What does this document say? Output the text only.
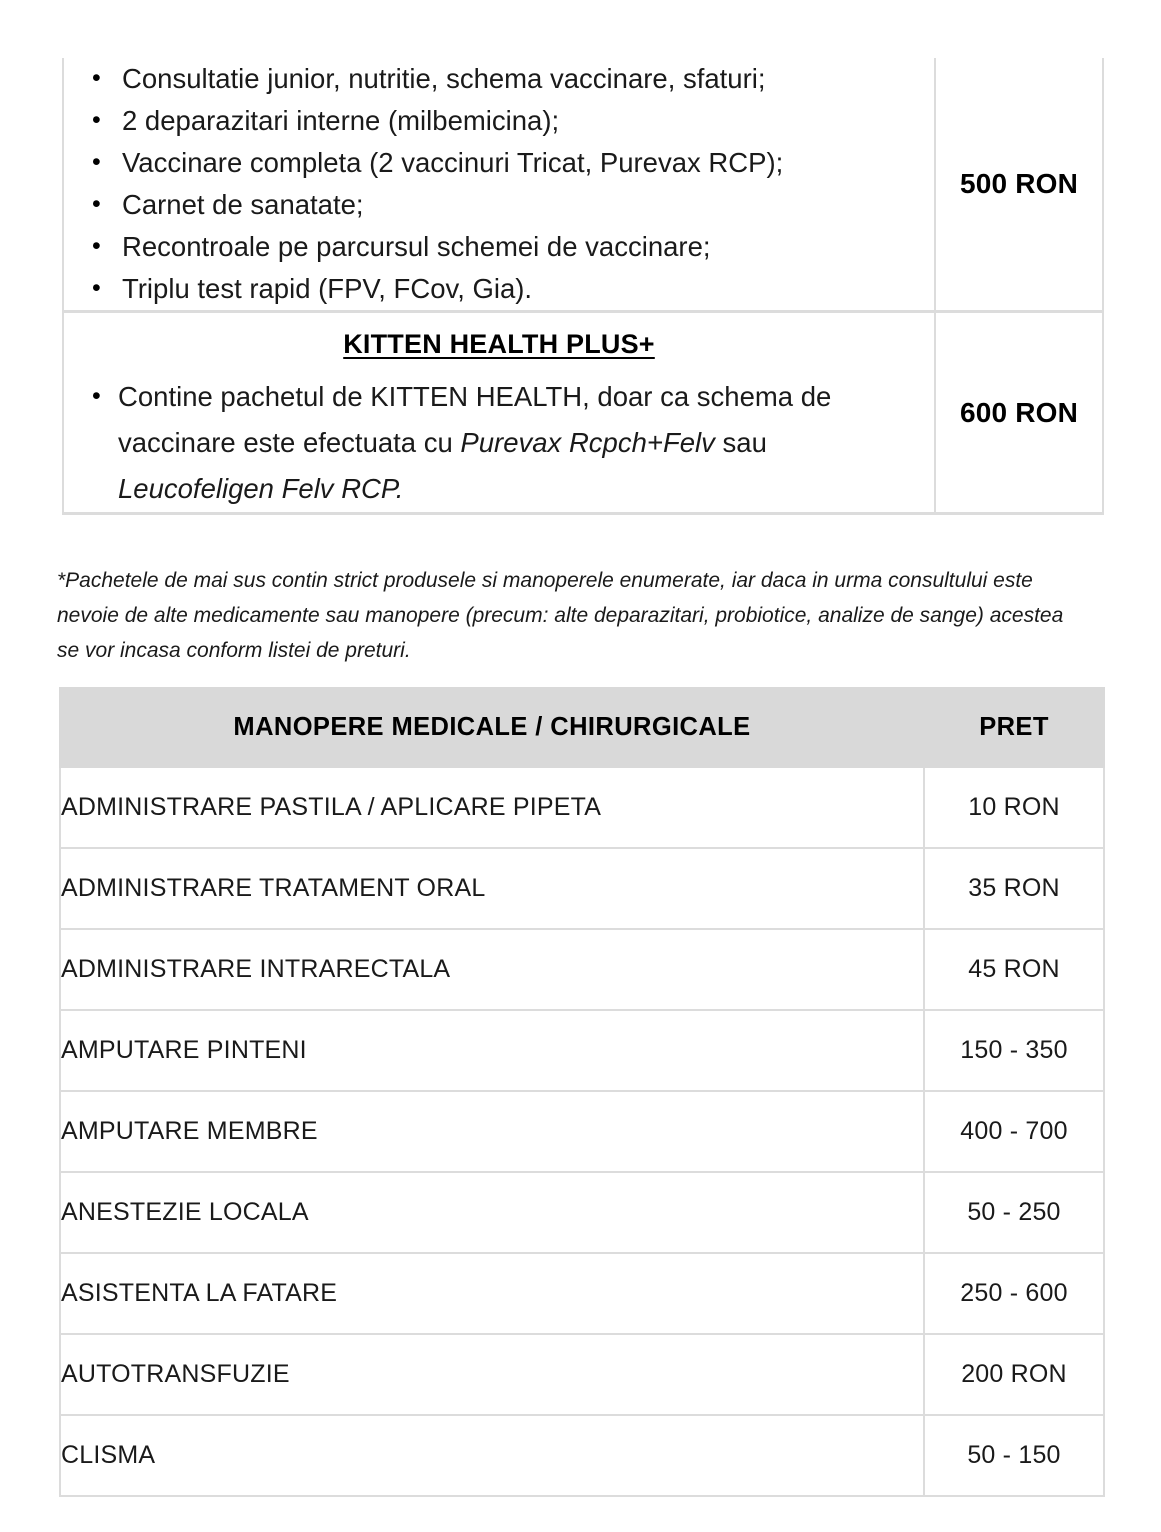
• Consultatie junior, nutritie, schema vaccinare, sfaturi;
• 2 deparazitari interne (milbemicina);
• Vaccinare completa (2 vaccinuri Tricat, Purevax RCP);
• Carnet de sanatate;
• Recontroale pe parcursul schemei de vaccinare;
• Triplu test rapid (FPV, FCov, Gia).
	500 RON

KITTEN HEALTH PLUS+
• Contine pachetul de KITTEN HEALTH, doar ca schema de vaccinare este efectuata cu Purevax Rcpch+Felv sau Leucofeligen Felv RCP.
	600 RON
*Pachetele de mai sus contin strict produsele si manoperele enumerate, iar daca in urma consultului este nevoie de alte medicamente sau manopere (precum: alte deparazitari, probiotice, analize de sange) acestea se vor incasa conform listei de preturi.
MANOPERE MEDICALE / CHIRURGICALE	PRET
ADMINISTRARE PASTILA / APLICARE PIPETA	10 RON
ADMINISTRARE TRATAMENT ORAL	35 RON
ADMINISTRARE INTRARECTALA	45 RON
AMPUTARE PINTENI	150 - 350
AMPUTARE MEMBRE	400 - 700
ANESTEZIE LOCALA	50 - 250
ASISTENTA LA FATARE	250 - 600
AUTOTRANSFUZIE	200 RON
CLISMA	50 - 150
